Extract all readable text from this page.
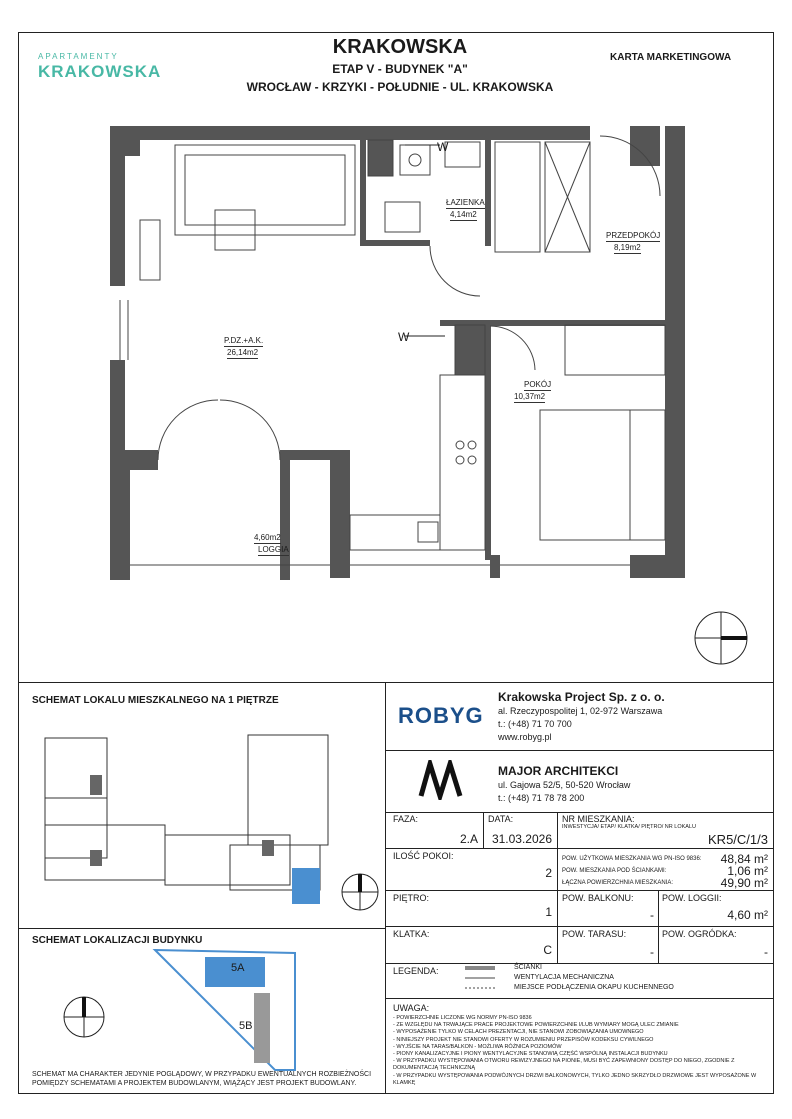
APARTAMENTY
KRAKOWSKA
KRAKOWSKA
ETAP V - BUDYNEK "A"
WROCŁAW - KRZYKI - POŁUDNIE - UL. KRAKOWSKA
KARTA MARKETINGOWA
ŁAZIENKA
4,14m2
PRZEDPOKÓJ
8,19m2
P.DZ.+A.K.
26,14m2
POKÓJ
10,37m2
4,60m2
LOGGIA
W
W
SCHEMAT LOKALU MIESZKALNEGO NA 1 PIĘTRZE
SCHEMAT LOKALIZACJI BUDYNKU
5A
5B
SCHEMAT MA CHARAKTER JEDYNIE POGLĄDOWY, W PRZYPADKU EWENTUALNYCH ROZBIEŻNOŚCI POMIĘDZY SCHEMATAMI A PROJEKTEM BUDOWLANYM, WIĄŻĄCY JEST PROJEKT BUDOWLANY.
ROBYG
Krakowska Project Sp. z o. o.
al. Rzeczypospolitej 1, 02-972 Warszawa
t.: (+48) 71 70 700
www.robyg.pl
MAJOR ARCHITEKCI
ul. Gajowa 52/5, 50-520 Wrocław
t.: (+48) 71 78 78 200
FAZA:
2.A
DATA:
31.03.2026
NR MIESZKANIA:
INWESTYCJA/ ETAP/ KLATKA/ PIĘTRO/ NR LOKALU
KR5/C/1/3
ILOŚĆ POKOI:
2
POW. UŻYTKOWA MIESZKANIA WG PN-ISO 9836:	48,84 m²
POW. MIESZKANIA POD ŚCIANKAMI:	1,06 m²
ŁĄCZNA POWIERZCHNIA MIESZKANIA:	49,90 m²
PIĘTRO:
1
POW. BALKONU:
-
POW. LOGGII:
4,60 m²
KLATKA:
C
POW. TARASU:
-
POW. OGRÓDKA:
-
LEGENDA:	ŚCIANKI
WENTYLACJA MECHANICZNA
MIEJSCE PODŁĄCZENIA OKAPU KUCHENNEGO
UWAGA:
- POWIERZCHNIE LICZONE WG NORMY PN-ISO 9836
- ZE WZGLĘDU NA TRWAJĄCE PRACE PROJEKTOWE POWIERZCHNIE I/LUB WYMIARY MOGĄ ULEC ZMIANIE
- WYPOSAŻENIE TYLKO W CELACH PREZENTACJI, NIE STANOWI ZOBOWIĄZANIA UMOWNEGO
- NINIEJSZY PROJEKT NIE STANOWI OFERTY W ROZUMIENIU PRZEPISÓW KODEKSU CYWILNEGO
- WYJŚCIE NA TARAS/BALKON - MOŻLIWA RÓŻNICA POZIOMÓW
- PIONY KANALIZACYJNE I PIONY WENTYLACYJNE STANOWIĄ CZĘŚĆ WSPÓLNĄ INSTALACJI BUDYNKU
- W PRZYPADKU WYSTĘPOWANIA OTWORU REWIZYJNEGO NA PIONIE, MUSI BYĆ ZAPEWNIONY DOSTĘP DO NIEGO, ZGODNIE Z DOKUMENTACJĄ TECHNICZNĄ
- W PRZYPADKU WYSTĘPOWANIA PODWÓJNYCH DRZWI BALKONOWYCH, TYLKO JEDNO SKRZYDŁO DRZWIOWE JEST WYPOSAŻONE W KLAMKĘ
